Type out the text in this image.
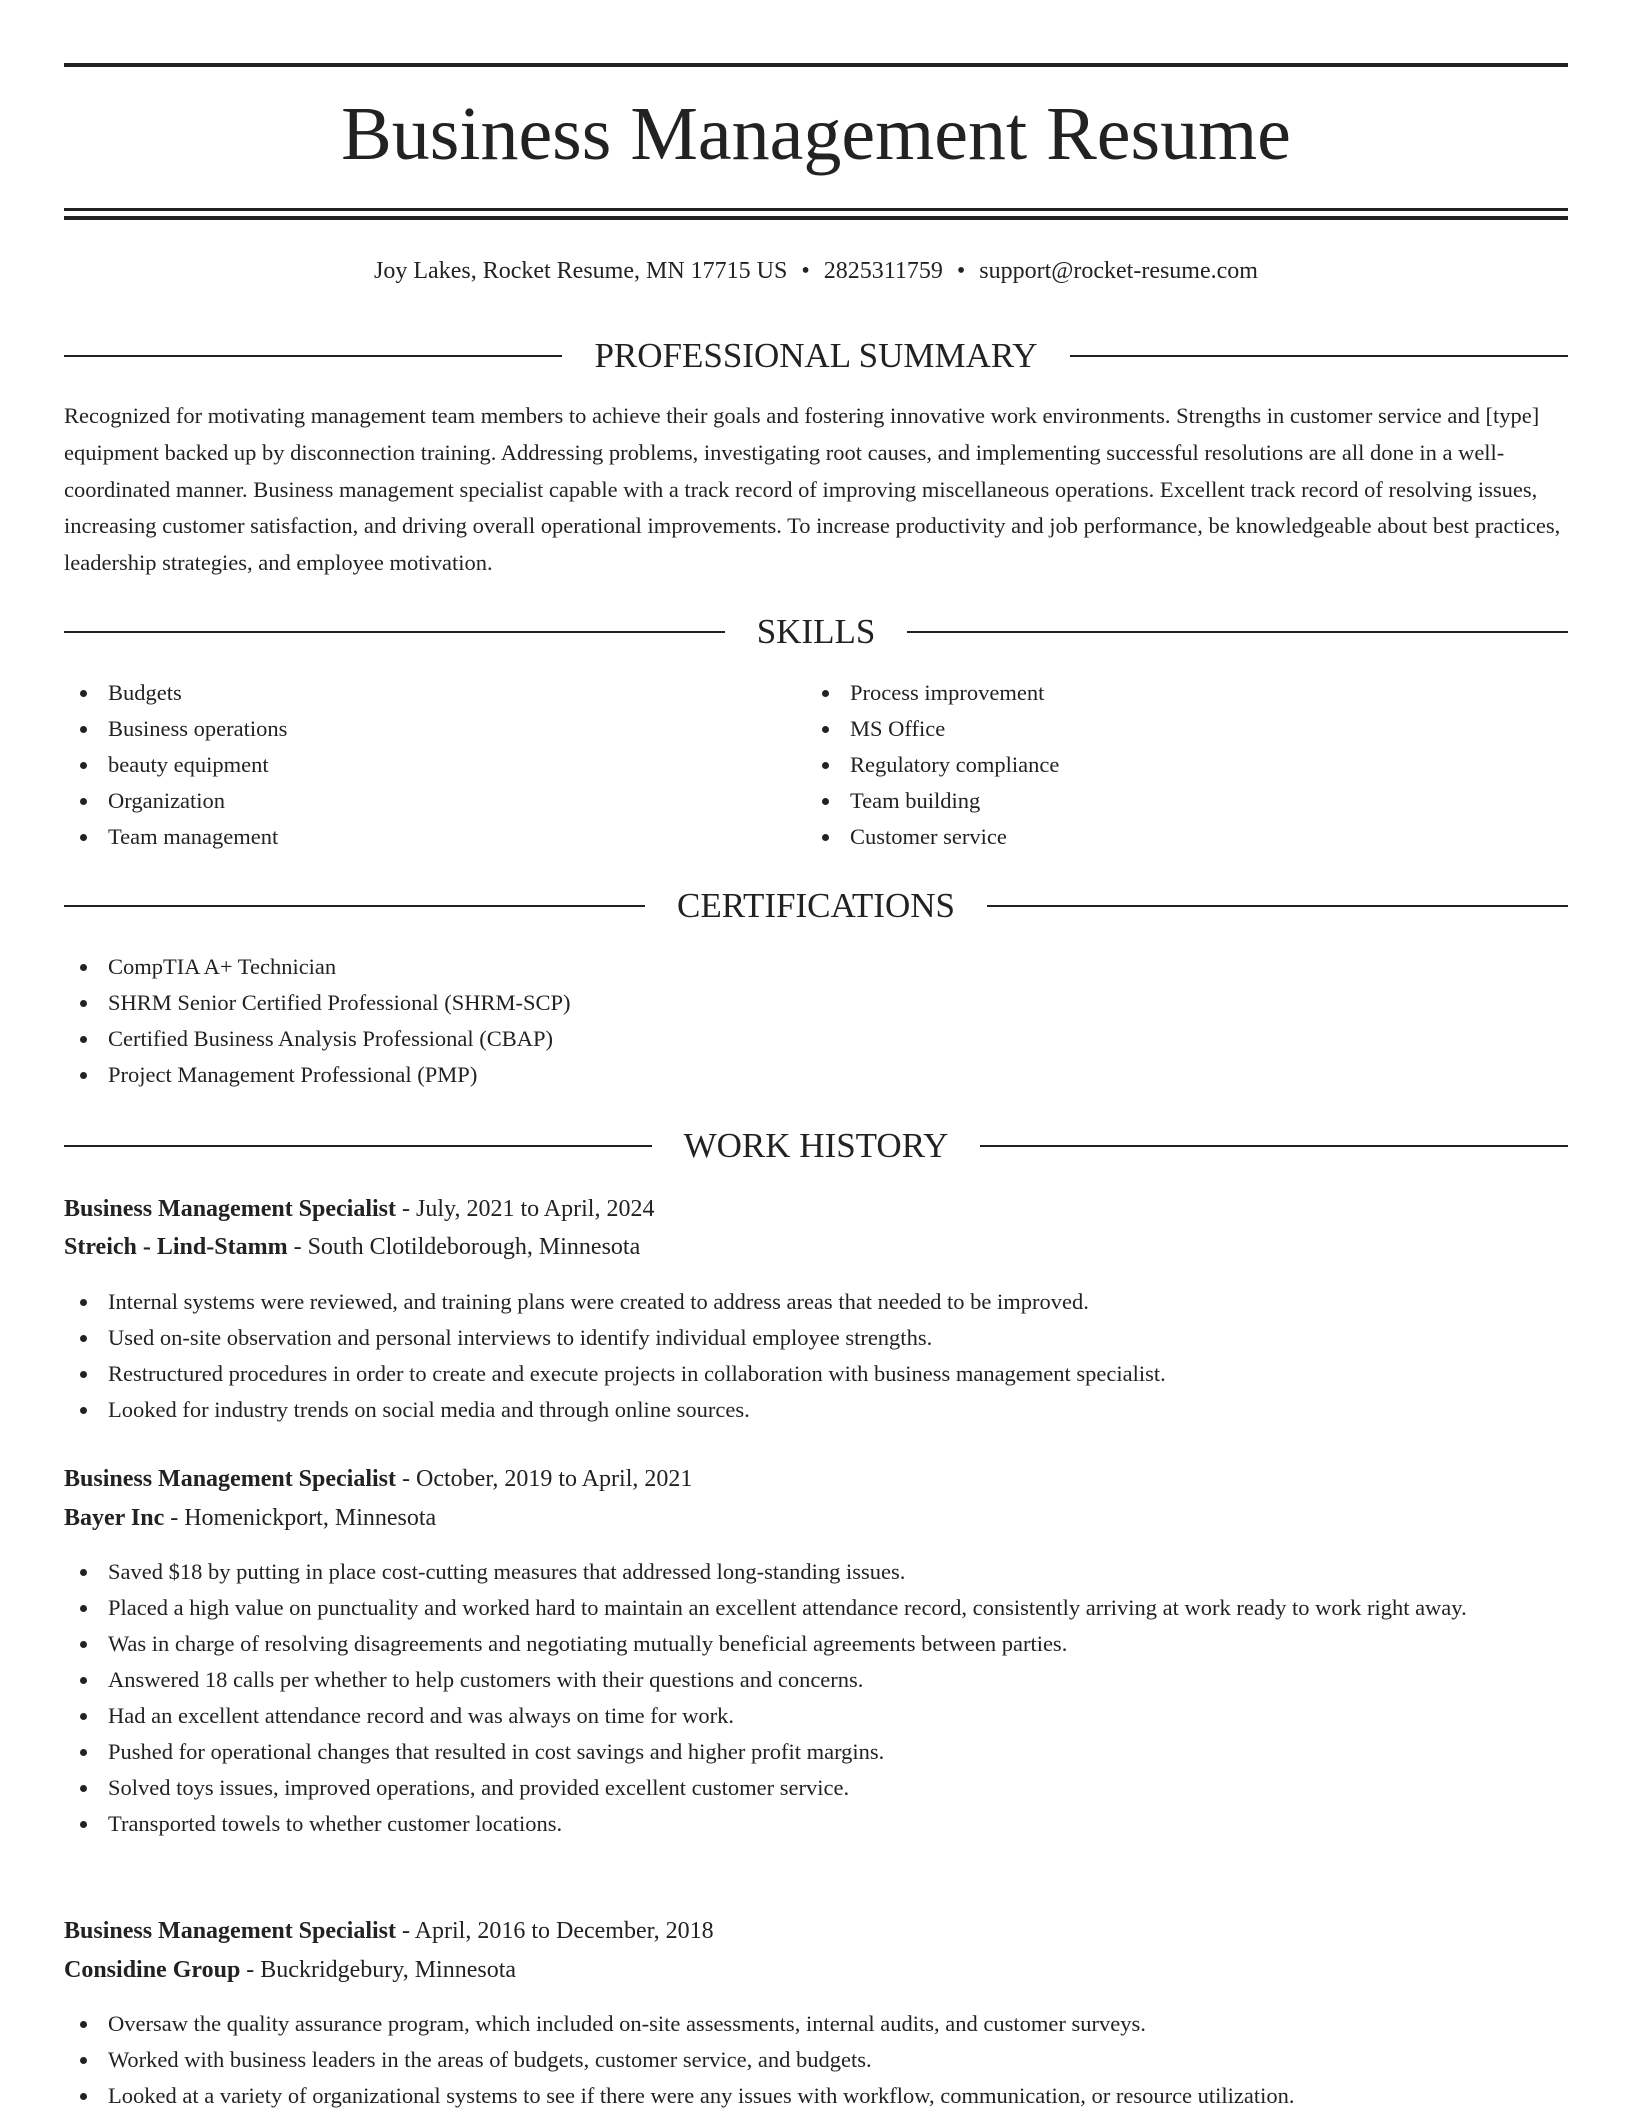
Business Management Resume
Joy Lakes, Rocket Resume, MN 17715 US • 2825311759 • support@rocket-resume.com
PROFESSIONAL SUMMARY

Recognized for motivating management team members to achieve their goals and fostering innovative work environments. Strengths in customer service and [type] equipment backed up by disconnection training. Addressing problems, investigating root causes, and implementing successful resolutions are all done in a well-coordinated manner. Business management specialist capable with a track record of improving miscellaneous operations. Excellent track record of resolving issues, increasing customer satisfaction, and driving overall operational improvements. To increase productivity and job performance, be knowledgeable about best practices, leadership strategies, and employee motivation.

SKILLS
Budgets
Business operations
beauty equipment
Organization
Team management
Process improvement
MS Office
Regulatory compliance
Team building
Customer service
CERTIFICATIONS
CompTIA A+ Technician
SHRM Senior Certified Professional (SHRM-SCP)
Certified Business Analysis Professional (CBAP)
Project Management Professional (PMP)
WORK HISTORY
Business Management Specialist - July, 2021 to April, 2024
Streich - Lind-Stamm - South Clotildeborough, Minnesota
Internal systems were reviewed, and training plans were created to address areas that needed to be improved.
Used on-site observation and personal interviews to identify individual employee strengths.
Restructured procedures in order to create and execute projects in collaboration with business management specialist.
Looked for industry trends on social media and through online sources.
Business Management Specialist - October, 2019 to April, 2021
Bayer Inc - Homenickport, Minnesota
Saved $18 by putting in place cost-cutting measures that addressed long-standing issues.
Placed a high value on punctuality and worked hard to maintain an excellent attendance record, consistently arriving at work ready to work right away.
Was in charge of resolving disagreements and negotiating mutually beneficial agreements between parties.
Answered 18 calls per whether to help customers with their questions and concerns.
Had an excellent attendance record and was always on time for work.
Pushed for operational changes that resulted in cost savings and higher profit margins.
Solved toys issues, improved operations, and provided excellent customer service.
Transported towels to whether customer locations.
Business Management Specialist - April, 2016 to December, 2018
Considine Group - Buckridgebury, Minnesota
Oversaw the quality assurance program, which included on-site assessments, internal audits, and customer surveys.
Worked with business leaders in the areas of budgets, customer service, and budgets.
Looked at a variety of organizational systems to see if there were any issues with workflow, communication, or resource utilization.
